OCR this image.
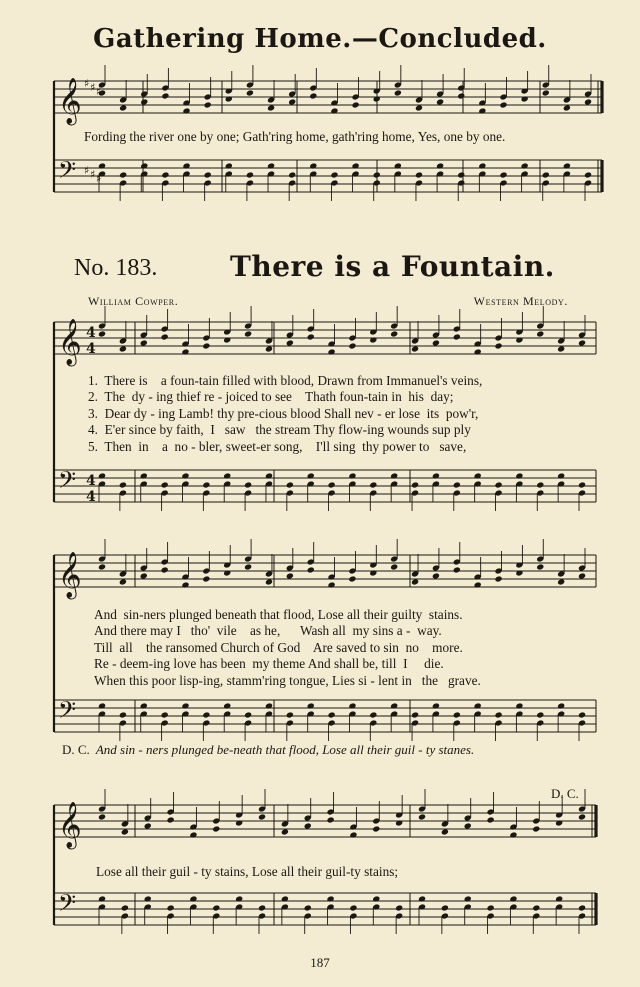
𝄞
𝄢
♯ ♯ ♯
♯ ♯ ♯
𝄞
𝄢
4
4
4
4
𝄞
𝄢
𝄞
𝄢
Gathering Home.—Concluded.
Fording the river one by one; Gath'ring home, gath'ring home, Yes, one by one.
No. 183.	There is a Fountain.
William Cowper.	Western Melody.
1.  There is    a foun-tain filled with blood, Drawn from Immanuel's veins,
2.  The  dy - ing thief re - joiced to see    Thath foun-tain in  his  day;
3.  Dear dy - ing Lamb! thy pre-cious blood Shall nev - er lose  its  pow'r,
4.  E'er since by faith,  I   saw   the stream Thy flow-ing wounds sup ply
5.  Then  in    a  no - bler, sweet-er song,    I'll sing  thy power to   save,
And  sin-ners plunged beneath that flood, Lose all their guilty  stains.
And there may I   tho'  vile    as he,      Wash all  my sins a -  way.
Till  all    the ransomed Church of God    Are saved to sin  no    more.
Re - deem-ing love has been  my theme And shall be, till  I     die.
When this poor lisp-ing, stamm'ring tongue, Lies si - lent in   the   grave.
D. C. And sin - ners plunged be-neath that flood, Lose all their guil - ty stanes.
D. C.
Lose all their guil - ty stains, Lose all their guil-ty stains;
187
